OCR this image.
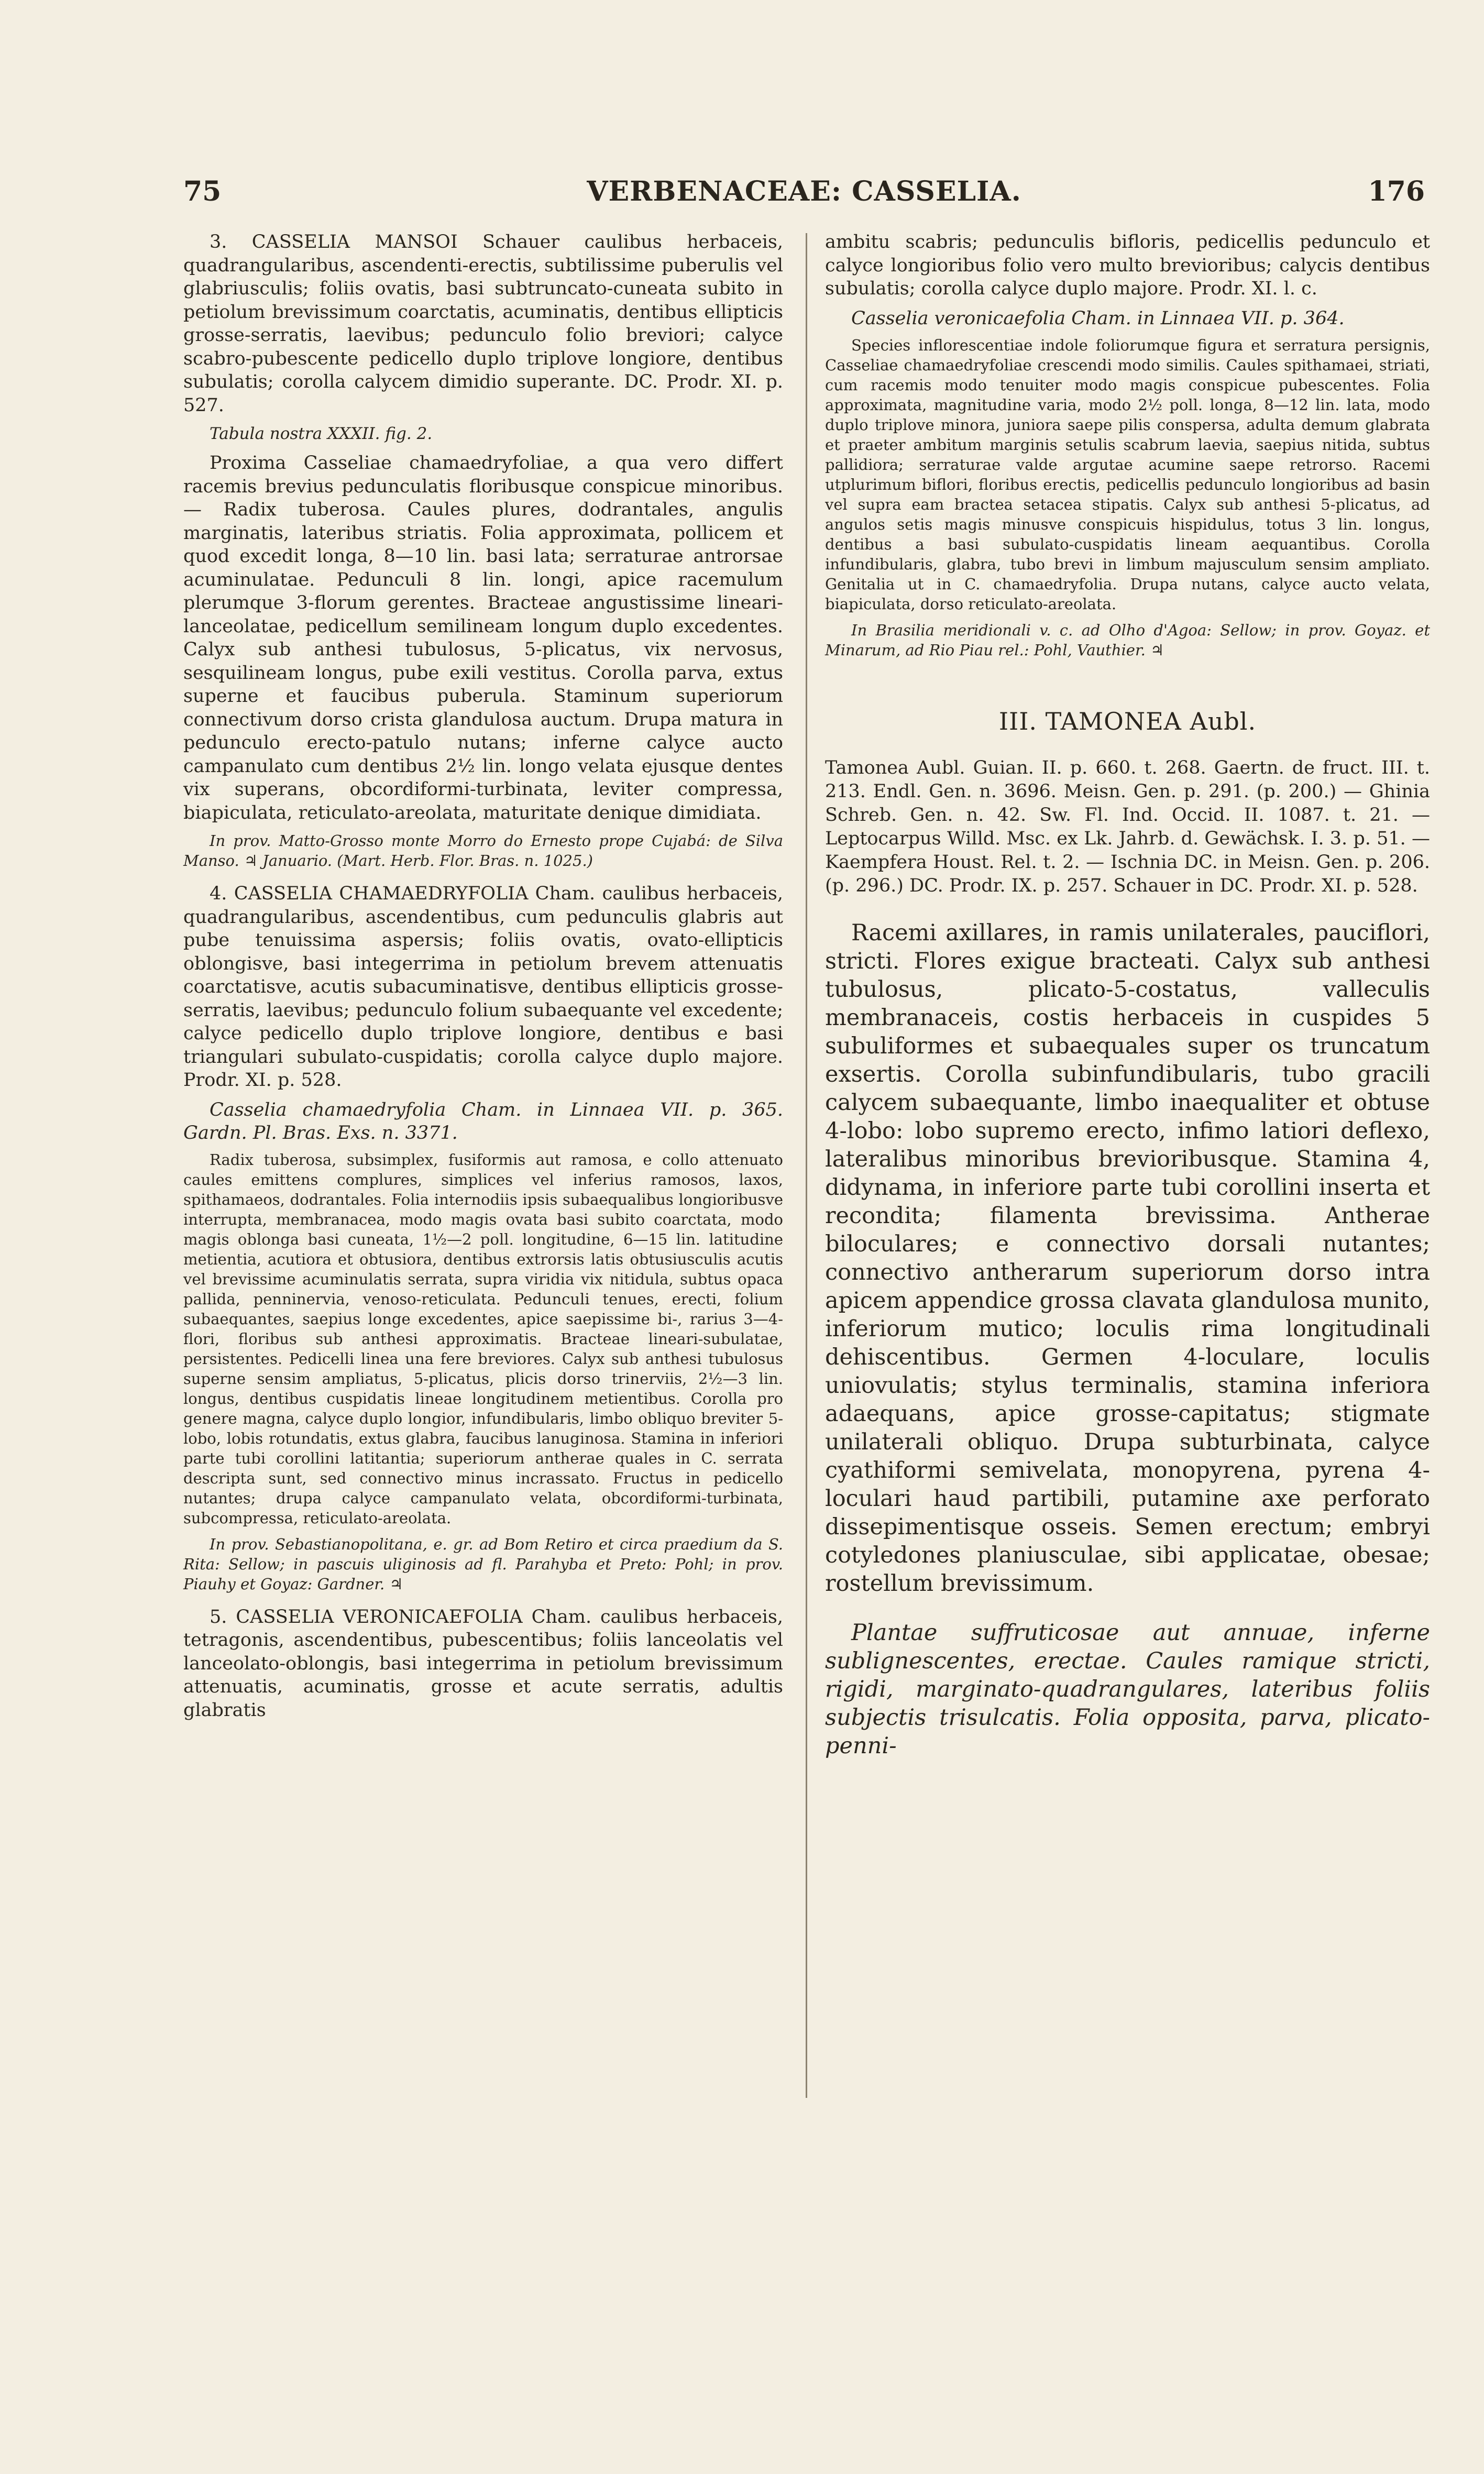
75	VERBENACEAE: CASSELIA.	176

3. CASSELIA MANSOI Schauer caulibus herbaceis, quadrangularibus, ascendenti-erectis, subtilissime puberulis vel glabriusculis; foliis ovatis, basi subtruncato-cuneata subito in petiolum brevissimum coarctatis, acuminatis, dentibus ellipticis grosse-serratis, laevibus; pedunculo folio breviori; calyce scabro-pubescente pedicello duplo triplove longiore, dentibus subulatis; corolla calycem dimidio superante. DC. Prodr. XI. p. 527.

Tabula nostra XXXII. fig. 2.

Proxima Casseliae chamaedryfoliae, a qua vero differt racemis brevius pedunculatis floribusque conspicue minoribus. — Radix tuberosa. Caules plures, dodrantales, angulis marginatis, lateribus striatis. Folia approximata, pollicem et quod excedit longa, 8—10 lin. basi lata; serraturae antrorsae acuminulatae. Pedunculi 8 lin. longi, apice racemulum plerumque 3-florum gerentes. Bracteae angustissime lineari-lanceolatae, pedicellum semilineam longum duplo excedentes. Calyx sub anthesi tubulosus, 5-plicatus, vix nervosus, sesquilineam longus, pube exili vestitus. Corolla parva, extus superne et faucibus puberula. Staminum superiorum connectivum dorso crista glandulosa auctum. Drupa matura in pedunculo erecto-patulo nutans; inferne calyce aucto campanulato cum dentibus 2½ lin. longo velata ejusque dentes vix superans, obcordiformi-turbinata, leviter compressa, biapiculata, reticulato-areolata, maturitate denique dimidiata.

In prov. Matto-Grosso monte Morro do Ernesto prope Cujabá: de Silva Manso. ♃ Januario. (Mart. Herb. Flor. Bras. n. 1025.)

4. CASSELIA CHAMAEDRYFOLIA Cham. caulibus herbaceis, quadrangularibus, ascendentibus, cum pedunculis glabris aut pube tenuissima aspersis; foliis ovatis, ovato-ellipticis oblongisve, basi integerrima in petiolum brevem attenuatis coarctatisve, acutis subacuminatisve, dentibus ellipticis grosse-serratis, laevibus; pedunculo folium subaequante vel excedente; calyce pedicello duplo triplove longiore, dentibus e basi triangulari subulato-cuspidatis; corolla calyce duplo majore. Prodr. XI. p. 528.

Casselia chamaedryfolia Cham. in Linnaea VII. p. 365. Gardn. Pl. Bras. Exs. n. 3371.

Radix tuberosa, subsimplex, fusiformis aut ramosa, e collo attenuato caules emittens complures, simplices vel inferius ramosos, laxos, spithamaeos, dodrantales. Folia internodiis ipsis subaequalibus longioribusve interrupta, membranacea, modo magis ovata basi subito coarctata, modo magis oblonga basi cuneata, 1½—2 poll. longitudine, 6—15 lin. latitudine metientia, acutiora et obtusiora, dentibus extrorsis latis obtusiusculis acutis vel brevissime acuminulatis serrata, supra viridia vix nitidula, subtus opaca pallida, penninervia, venoso-reticulata. Pedunculi tenues, erecti, folium subaequantes, saepius longe excedentes, apice saepissime bi-, rarius 3—4-flori, floribus sub anthesi approximatis. Bracteae lineari-subulatae, persistentes. Pedicelli linea una fere breviores. Calyx sub anthesi tubulosus superne sensim ampliatus, 5-plicatus, plicis dorso trinerviis, 2½—3 lin. longus, dentibus cuspidatis lineae longitudinem metientibus. Corolla pro genere magna, calyce duplo longior, infundibularis, limbo obliquo breviter 5-lobo, lobis rotundatis, extus glabra, faucibus lanuginosa. Stamina in inferiori parte tubi corollini latitantia; superiorum antherae quales in C. serrata descripta sunt, sed connectivo minus incrassato. Fructus in pedicello nutantes; drupa calyce campanulato velata, obcordiformi-turbinata, subcompressa, reticulato-areolata.

In prov. Sebastianopolitana, e. gr. ad Bom Retiro et circa praedium da S. Rita: Sellow; in pascuis uliginosis ad fl. Parahyba et Preto: Pohl; in prov. Piauhy et Goyaz: Gardner. ♃

5. CASSELIA VERONICAEFOLIA Cham. caulibus herbaceis, tetragonis, ascendentibus, pubescentibus; foliis lanceolatis vel lanceolato-oblongis, basi integerrima in petiolum brevissimum attenuatis, acuminatis, grosse et acute serratis, adultis glabratis

ambitu scabris; pedunculis bifloris, pedicellis pedunculo et calyce longioribus folio vero multo brevioribus; calycis dentibus subulatis; corolla calyce duplo majore. Prodr. XI. l. c.

Casselia veronicaefolia Cham. in Linnaea VII. p. 364.

Species inflorescentiae indole foliorumque figura et serratura persignis, Casseliae chamaedryfoliae crescendi modo similis. Caules spithamaei, striati, cum racemis modo tenuiter modo magis conspicue pubescentes. Folia approximata, magnitudine varia, modo 2½ poll. longa, 8—12 lin. lata, modo duplo triplove minora, juniora saepe pilis conspersa, adulta demum glabrata et praeter ambitum marginis setulis scabrum laevia, saepius nitida, subtus pallidiora; serraturae valde argutae acumine saepe retrorso. Racemi utplurimum biflori, floribus erectis, pedicellis pedunculo longioribus ad basin vel supra eam bractea setacea stipatis. Calyx sub anthesi 5-plicatus, ad angulos setis magis minusve conspicuis hispidulus, totus 3 lin. longus, dentibus a basi subulato-cuspidatis lineam aequantibus. Corolla infundibularis, glabra, tubo brevi in limbum majusculum sensim ampliato. Genitalia ut in C. chamaedryfolia. Drupa nutans, calyce aucto velata, biapiculata, dorso reticulato-areolata.

In Brasilia meridionali v. c. ad Olho d'Agoa: Sellow; in prov. Goyaz. et Minarum, ad Rio Piau rel.: Pohl, Vauthier. ♃

III. TAMONEA Aubl.

Tamonea Aubl. Guian. II. p. 660. t. 268. Gaertn. de fruct. III. t. 213. Endl. Gen. n. 3696. Meisn. Gen. p. 291. (p. 200.) — Ghinia Schreb. Gen. n. 42. Sw. Fl. Ind. Occid. II. 1087. t. 21. — Leptocarpus Willd. Msc. ex Lk. Jahrb. d. Gewächsk. I. 3. p. 51. — Kaempfera Houst. Rel. t. 2. — Ischnia DC. in Meisn. Gen. p. 206. (p. 296.) DC. Prodr. IX. p. 257. Schauer in DC. Prodr. XI. p. 528.

Racemi axillares, in ramis unilaterales, pauciflori, stricti. Flores exigue bracteati. Calyx sub anthesi tubulosus, plicato-5-costatus, valleculis membranaceis, costis herbaceis in cuspides 5 subuliformes et subaequales super os truncatum exsertis. Corolla subinfundibularis, tubo gracili calycem subaequante, limbo inaequaliter et obtuse 4-lobo: lobo supremo erecto, infimo latiori deflexo, lateralibus minoribus brevioribusque. Stamina 4, didynama, in inferiore parte tubi corollini inserta et recondita; filamenta brevissima. Antherae biloculares; e connectivo dorsali nutantes; connectivo antherarum superiorum dorso intra apicem appendice grossa clavata glandulosa munito, inferiorum mutico; loculis rima longitudinali dehiscentibus. Germen 4-loculare, loculis uniovulatis; stylus terminalis, stamina inferiora adaequans, apice grosse-capitatus; stigmate unilaterali obliquo. Drupa subturbinata, calyce cyathiformi semivelata, monopyrena, pyrena 4-loculari haud partibili, putamine axe perforato dissepimentisque osseis. Semen erectum; embryi cotyledones planiusculae, sibi applicatae, obesae; rostellum brevissimum.

Plantae suffruticosae aut annuae, inferne sublignescentes, erectae. Caules ramique stricti, rigidi, marginato-quadrangulares, lateribus foliis subjectis trisulcatis. Folia opposita, parva, plicato-penni-
